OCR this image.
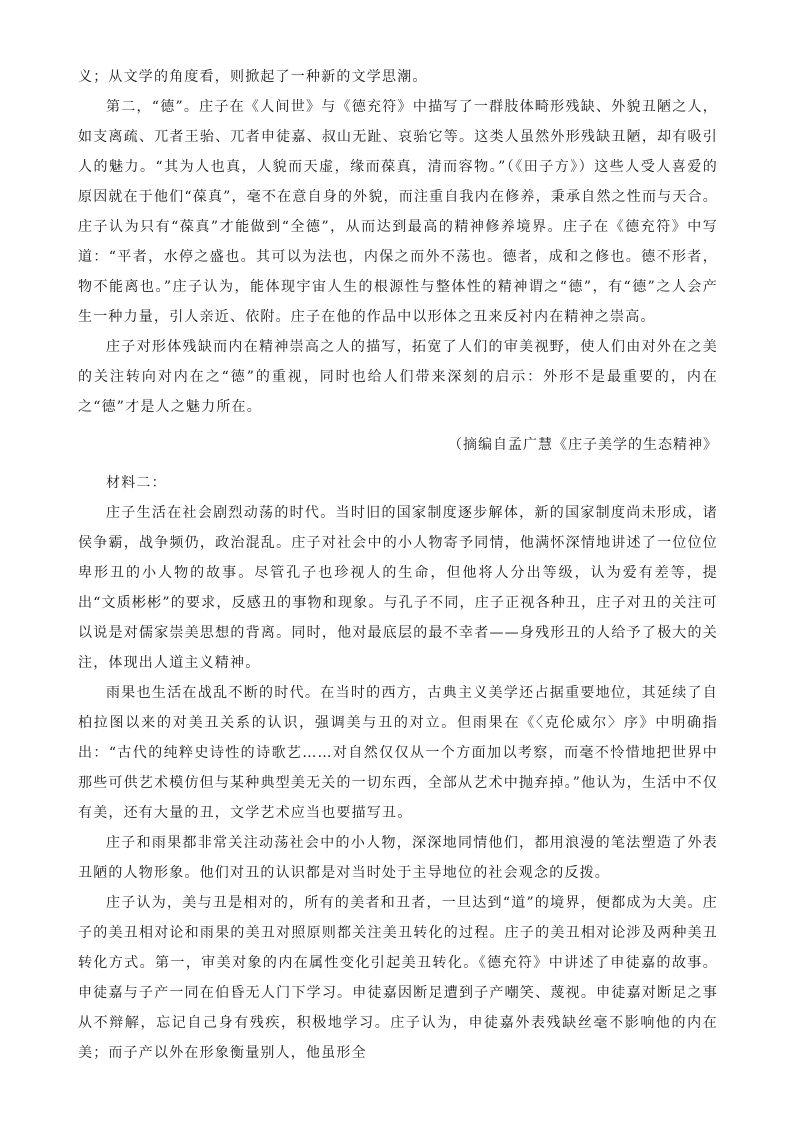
义；从文学的角度看，则掀起了一种新的文学思潮。

第二，“德”。庄子在《人间世》与《德充符》中描写了一群肢体畸形残缺、外貌丑陋之人，如支离疏、兀者王骀、兀者申徒嘉、叔山无趾、哀骀它等。这类人虽然外形残缺丑陋，却有吸引人的魅力。“其为人也真，人貌而天虚，缘而葆真，清而容物。”（《田子方》）这些人受人喜爱的原因就在于他们“葆真”，毫不在意自身的外貌，而注重自我内在修养，秉承自然之性而与天合。庄子认为只有“葆真”才能做到“全德”，从而达到最高的精神修养境界。庄子在《德充符》中写道：“平者，水停之盛也。其可以为法也，内保之而外不荡也。德者，成和之修也。德不形者，物不能离也。”庄子认为，能体现宇宙人生的根源性与整体性的精神谓之“德”，有“德”之人会产生一种力量，引人亲近、依附。庄子在他的作品中以形体之丑来反衬内在精神之崇高。

庄子对形体残缺而内在精神崇高之人的描写，拓宽了人们的审美视野，使人们由对外在之美的关注转向对内在之“德”的重视，同时也给人们带来深刻的启示：外形不是最重要的，内在之“德”才是人之魅力所在。

（摘编自孟广慧《庄子美学的生态精神》

材料二：

庄子生活在社会剧烈动荡的时代。当时旧的国家制度逐步解体，新的国家制度尚未形成，诸侯争霸，战争频仍，政治混乱。庄子对社会中的小人物寄予同情，他满怀深情地讲述了一位位位卑形丑的小人物的故事。尽管孔子也珍视人的生命，但他将人分出等级，认为爱有差等，提出“文质彬彬”的要求，反感丑的事物和现象。与孔子不同，庄子正视各种丑，庄子对丑的关注可以说是对儒家崇美思想的背离。同时，他对最底层的最不幸者——身残形丑的人给予了极大的关注，体现出人道主义精神。

雨果也生活在战乱不断的时代。在当时的西方，古典主义美学还占据重要地位，其延续了自柏拉图以来的对美丑关系的认识，强调美与丑的对立。但雨果在《〈克伦威尔〉序》中明确指出：“古代的纯粹史诗性的诗歌艺……对自然仅仅从一个方面加以考察，而毫不怜惜地把世界中那些可供艺术模仿但与某种典型美无关的一切东西，全部从艺术中抛弃掉。”他认为，生活中不仅有美，还有大量的丑，文学艺术应当也要描写丑。

庄子和雨果都非常关注动荡社会中的小人物，深深地同情他们，都用浪漫的笔法塑造了外表丑陋的人物形象。他们对丑的认识都是对当时处于主导地位的社会观念的反拨。

庄子认为，美与丑是相对的，所有的美者和丑者，一旦达到“道”的境界，便都成为大美。庄子的美丑相对论和雨果的美丑对照原则都关注美丑转化的过程。庄子的美丑相对论涉及两种美丑转化方式。第一，审美对象的内在属性变化引起美丑转化。《德充符》中讲述了申徒嘉的故事。申徒嘉与子产一同在伯昏无人门下学习。申徒嘉因断足遭到子产嘲笑、蔑视。申徒嘉对断足之事从不辩解，忘记自己身有残疾，积极地学习。庄子认为，申徒嘉外表残缺丝毫不影响他的内在美；而子产以外在形象衡量别人，他虽形全
